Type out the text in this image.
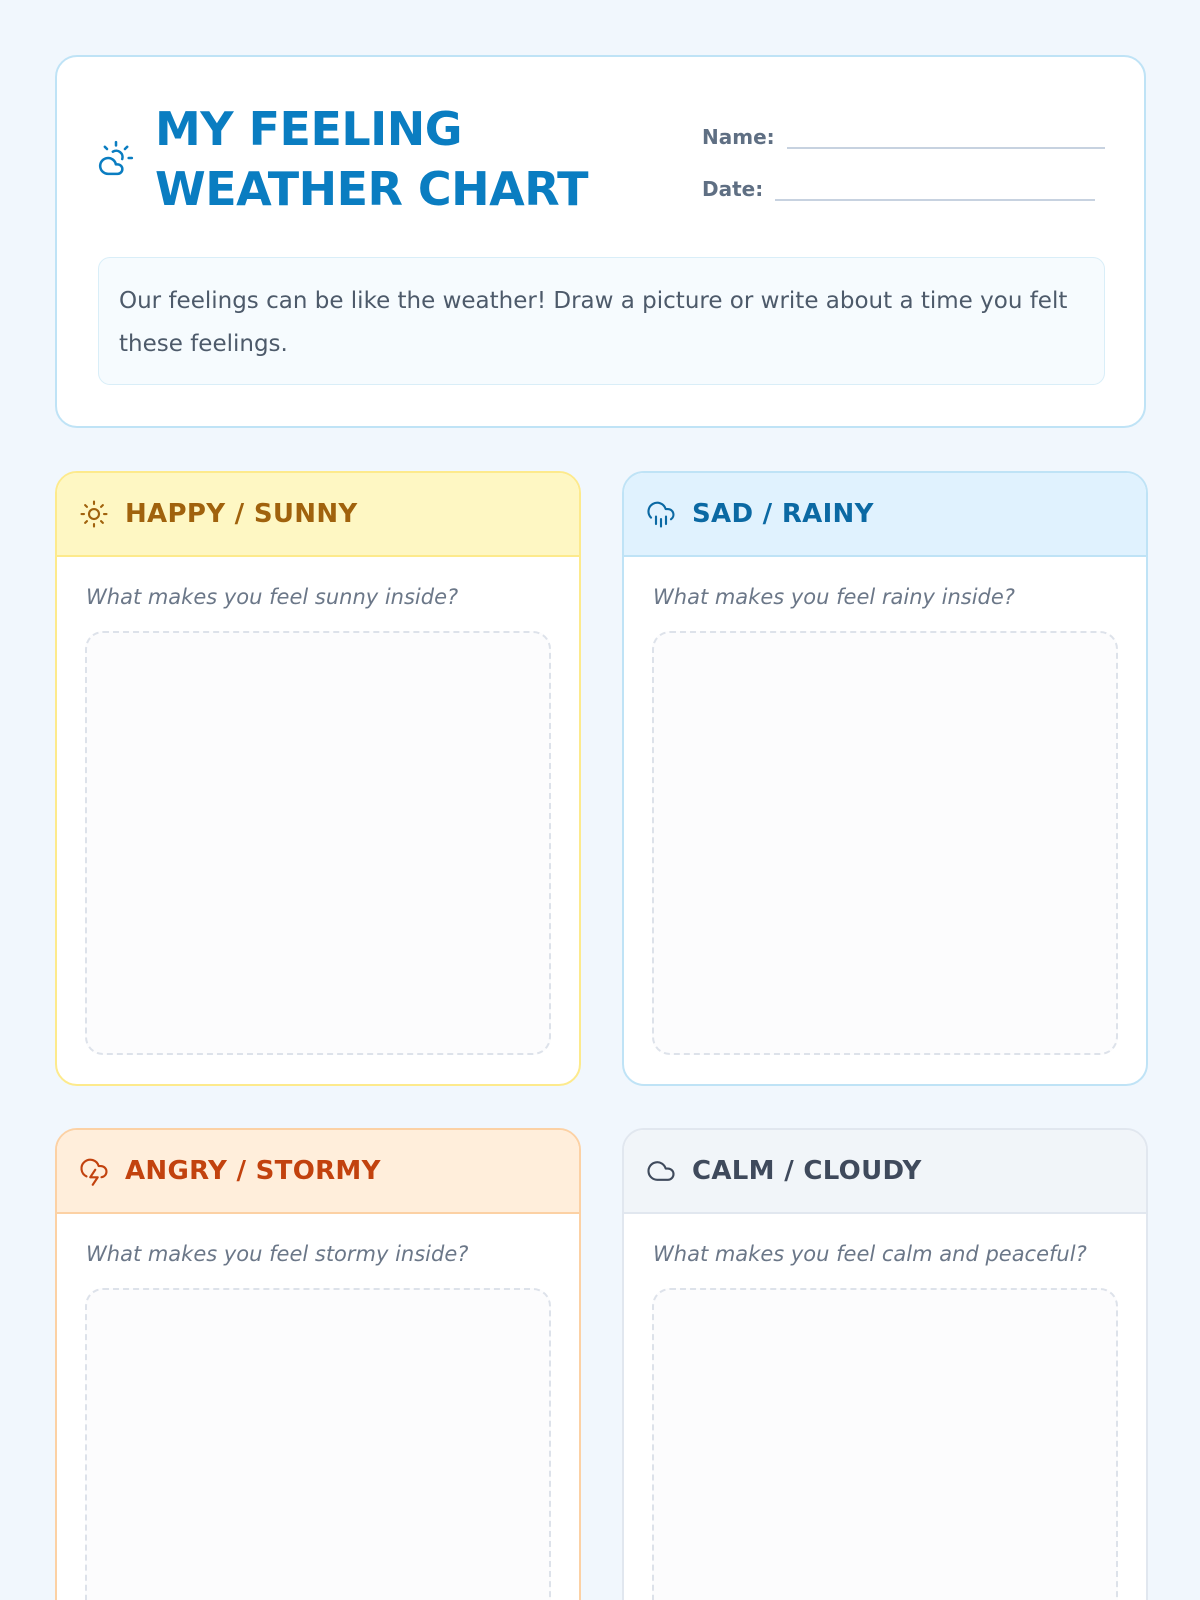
MY FEELING
WEATHER CHART
Name:
Date:
Our feelings can be like the weather! Draw a picture or write about a time you felt these feelings.
HAPPY / SUNNY
What makes you feel sunny inside?
SAD / RAINY
What makes you feel rainy inside?
ANGRY / STORMY
What makes you feel stormy inside?
CALM / CLOUDY
What makes you feel calm and peaceful?
